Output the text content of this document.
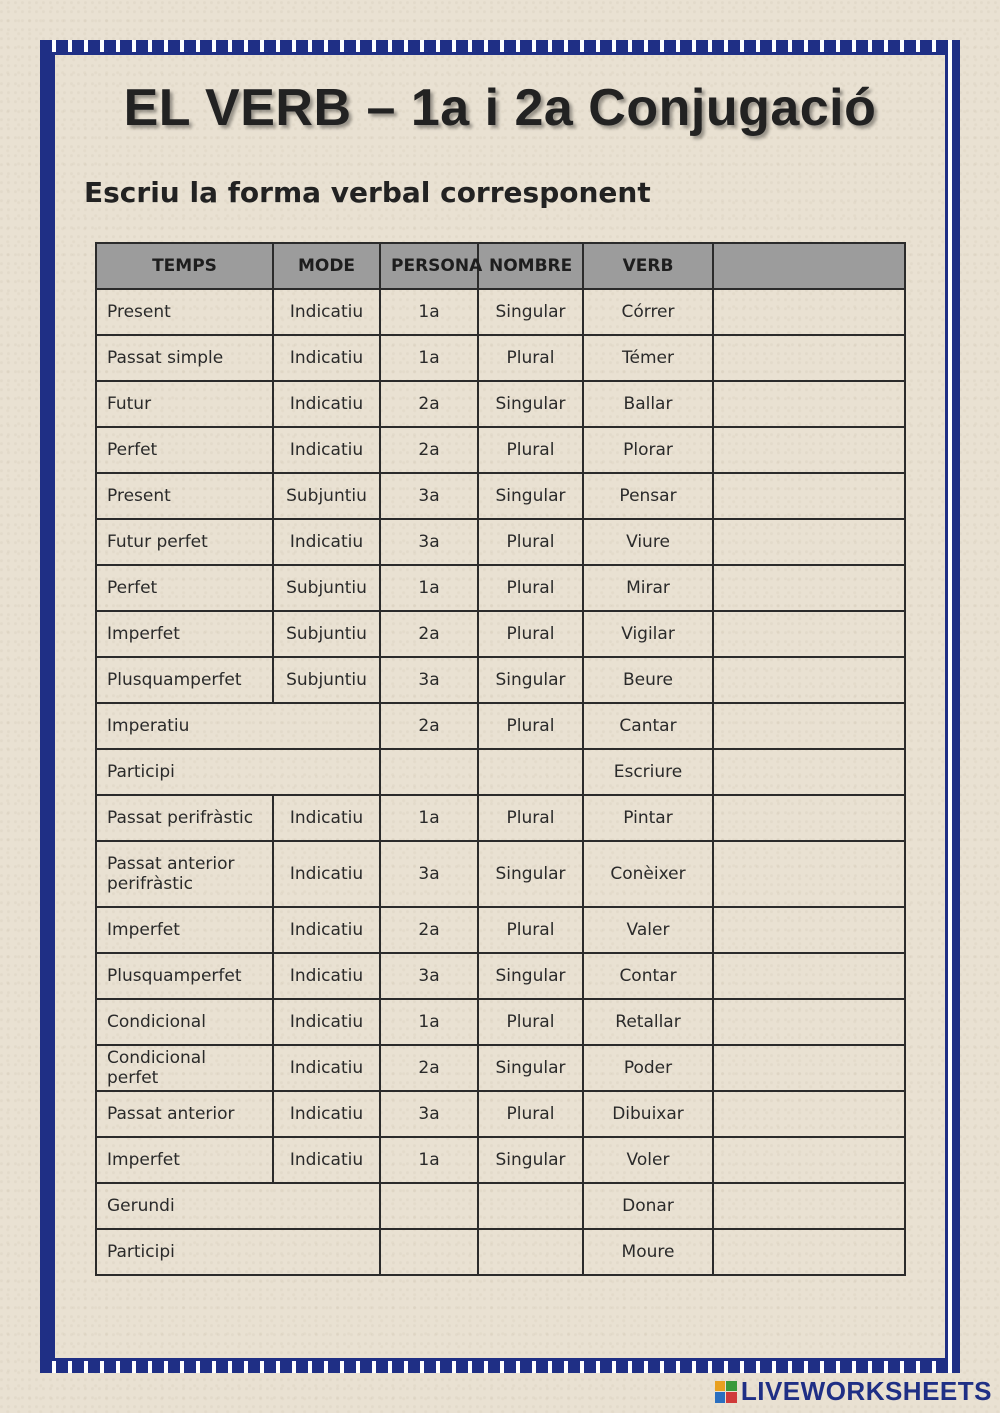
EL VERB – 1a i 2a Conjugació
Escriu la forma verbal corresponent
TEMPS	MODE	PERSONA	NOMBRE	VERB	
Present	Indicatiu	1a	Singular	Córrer	
Passat simple	Indicatiu	1a	Plural	Témer	
Futur	Indicatiu	2a	Singular	Ballar	
Perfet	Indicatiu	2a	Plural	Plorar	
Present	Subjuntiu	3a	Singular	Pensar	
Futur perfet	Indicatiu	3a	Plural	Viure	
Perfet	Subjuntiu	1a	Plural	Mirar	
Imperfet	Subjuntiu	2a	Plural	Vigilar	
Plusquamperfet	Subjuntiu	3a	Singular	Beure	
Imperatiu		2a	Plural	Cantar	
Participi				Escriure	
Passat perifràstic	Indicatiu	1a	Plural	Pintar	
Passat anterior perifràstic	Indicatiu	3a	Singular	Conèixer	
Imperfet	Indicatiu	2a	Plural	Valer	
Plusquamperfet	Indicatiu	3a	Singular	Contar	
Condicional	Indicatiu	1a	Plural	Retallar	
Condicional perfet	Indicatiu	2a	Singular	Poder	
Passat anterior	Indicatiu	3a	Plural	Dibuixar	
Imperfet	Indicatiu	1a	Singular	Voler	
Gerundi				Donar	
Participi				Moure	
LIVEWORKSHEETS
